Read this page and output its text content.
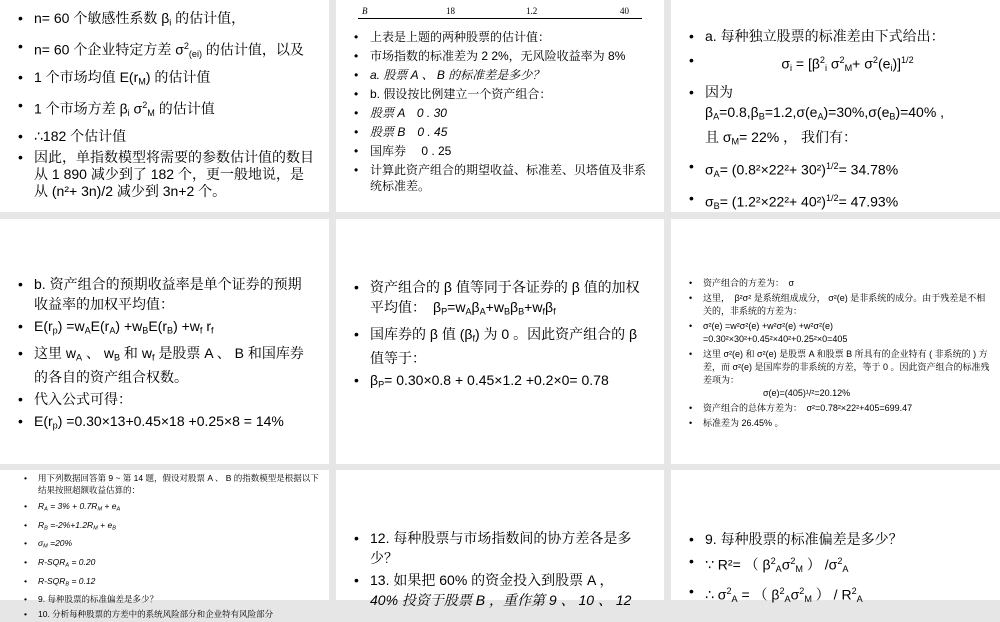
• n= 60 个敏感性系数 $\beta_i$ 的估计值，
• n= 60 个企业特定方差 $\sigma^2_{(ei)}$ 的估计值，以及
• 1 个市场均值 $E(r_M)$ 的估计值
• 1 个市场方差 $\beta_i$ $\sigma^2_M$ 的估计值
• ∴182 个估计值
• 因此，单指数模型将需要的参数估计值的数目从 1 890 减少到了 182 个，更一般地说，是从 (n²+ 3n)/2 减少到 3n+2 个。
B	18	1.2	40
• 上表是上题的两种股票的估计值：
• 市场指数的标准差为 2 2%，无风险收益率为 8%
• a. 股票 A 、 B 的标准差是多少？
• b. 假设按比例建立一个资产组合：
• 股票 A　0 . 30
• 股票 B　0 . 45
• 国库券　 0 . 25
• 计算此资产组合的期望收益、标准差、贝塔值及非系统标准差。
• a. 每种独立股票的标准差由下式给出：
• $\sigma_i = [\beta^2_i$ $\sigma^2_M+ \sigma^2(e_i)]^{1/2}$
• 因为
$\beta_A=0.8,\beta_B=1.2,\sigma(e_A)=30\%,\sigma(e_B)=40\%$ ,
且 $\sigma_M= 22\%$ ， 我们有：
• $\sigma_A= (0.8^2\times 22^2+ 30^2)^{1/2}= 34.78\%$
• $\sigma_B= (1.2^2\times 22^2+ 40^2)^{1/2}= 47.93\%$
• b. 资产组合的预期收益率是单个证券的预期收益率的加权平均值：
• $E(r_p) =w_AE(r_A) +w_BE(r_B) +w_f$ $r_f$
• 这里 $w_A$ 、 $w_B$ 和 $w_f$ 是股票 A 、 B 和国库券的各自的资产组合权数。
• 代入公式可得：
• $E(r_p) =0.30\times 13+0.45\times 18 +0.25\times 8 = 14\%$
• 资产组合的 β 值等同于各证券的 β 值的加权平均值：　$\beta_P=w_A\beta_A+w_B\beta_B+w_f\beta_f$
• 国库券的 β 值 $(\beta_f)$ 为 0 。因此资产组合的 β 值等于：
• $\beta_P= 0.30\times 0.8 + 0.45\times 1.2 +0.2\times 0= 0.78$
• 资产组合的方差为：　σ
• 这里，　β²σ² 是系统组成成分， σ²(e) 是非系统的成分。由于残差是不相关的，非系统的方差为：
• σ²(e) =w²σ²(e) +w²σ²(e) +w²σ²(e)
=0.30²×30²+0.45²×40²+0.25²×0=405
• 这里 σ²(e) 和 σ²(e) 是股票 A 和股票 B 所具有的企业特有 ( 非系统的 ) 方差，而 σ²(e) 是国库券的非系统的方差，等于 0 。因此资产组合的标准残差项为：
σ(e)=(405)¹/²=20.12%
• 资产组合的总体方差为：　σ²=0.78²×22²+405=699.47
• 标准差为 26.45% 。
• 用下列数据回答第 9 ~ 第 14 题，假设对股票 A 、 B 的指数模型是根据以下结果按照超额收益估算的：
• $R_A = 3\% + 0.7R_M + e_A$
• $R_B =-2\%+1.2R_M + e_B$
• $\sigma_M =20\%$
• $R-SQR_A = 0.20$
• $R-SQR_B = 0.12$
• 9. 每种股票的标准偏差是多少？
• 10. 分析每种股票的方差中的系统风险部分和企业特有风险部分
• 12. 每种股票与市场指数间的协方差各是多少？
• 13. 如果把 60% 的资金投入到股票 A ，
40% 投资于股票 B ，重作第 9 、 10 、 12
• 9. 每种股票的标准偏差是多少？
• ∵ R²= （ $\beta^2_A\sigma^2_M$ ） $/\sigma^2_A$
• ∴ $\sigma^2_A$ = （ $\beta^2_A\sigma^2_M$ ） / $R^2_A$
